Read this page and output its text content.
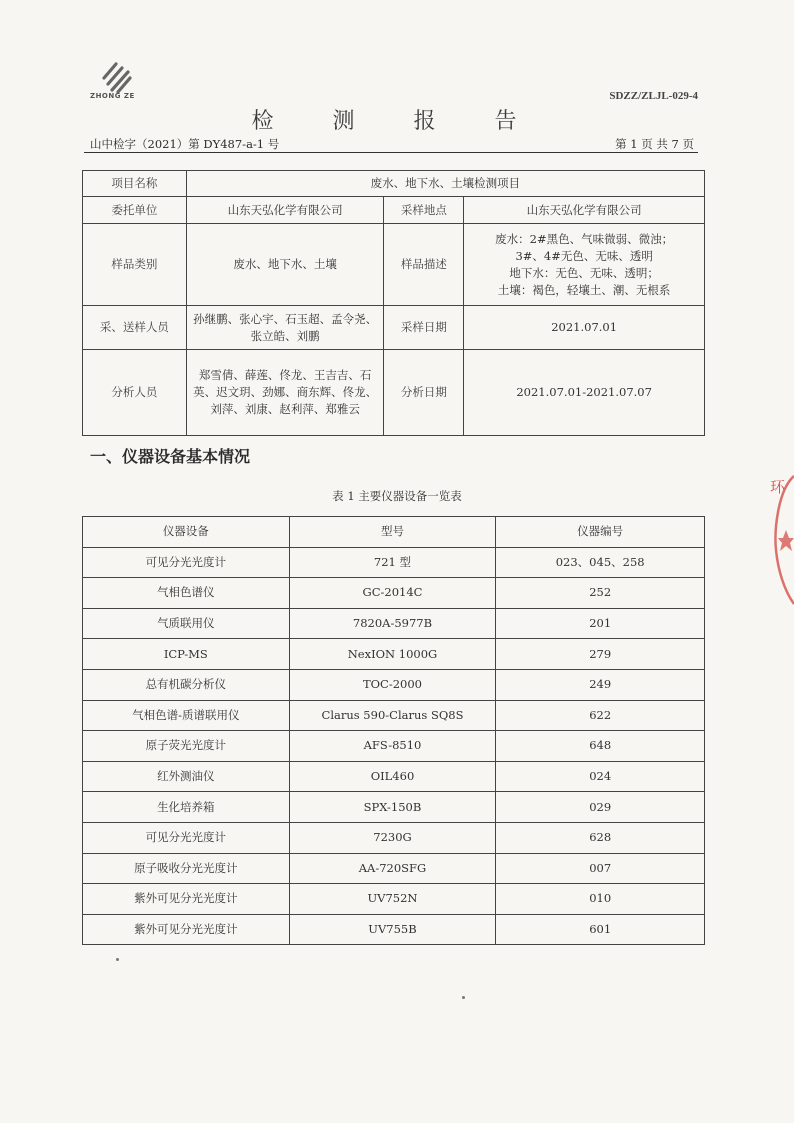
ZHONG ZE	SDZZ/ZLJL-029-4
检 测 报 告
山中检字（2021）第 DY487-a-1 号	第 1 页 共 7 页
项目名称	废水、地下水、土壤检测项目		
委托单位	山东天弘化学有限公司	采样地点	山东天弘化学有限公司
样品类别	废水、地下水、土壤	样品描述	废水：2#黑色、气味微弱、微浊；
3#、4#无色、无味、透明
地下水：无色、无味、透明；
土壤：褐色，轻壤土、潮、无根系

采、送样人员	孙继鹏、张心宇、石玉超、孟令尧、张立皓、刘鹏	采样日期	2021.07.01
分析人员	郑雪倩、薛莲、佟龙、王吉吉、石英、迟文玥、劲娜、商东辉、佟龙、刘萍、刘康、赵利萍、郑雅云	分析日期	2021.07.01-2021.07.07
一、仪器设备基本情况
表 1 主要仪器设备一览表
仪器设备	型号	仪器编号
可见分光光度计	721 型	023、045、258
气相色谱仪	GC-2014C	252
气质联用仪	7820A-5977B	201
ICP-MS	NexION 1000G	279
总有机碳分析仪	TOC-2000	249
气相色谱-质谱联用仪	Clarus 590-Clarus SQ8S	622
原子荧光光度计	AFS-8510	648
红外测油仪	OIL460	024
生化培养箱	SPX-150B	029
可见分光光度计	7230G	628
原子吸收分光光度计	AA-720SFG	007
紫外可见分光光度计	UV752N	010
紫外可见分光光度计	UV755B	601
环
